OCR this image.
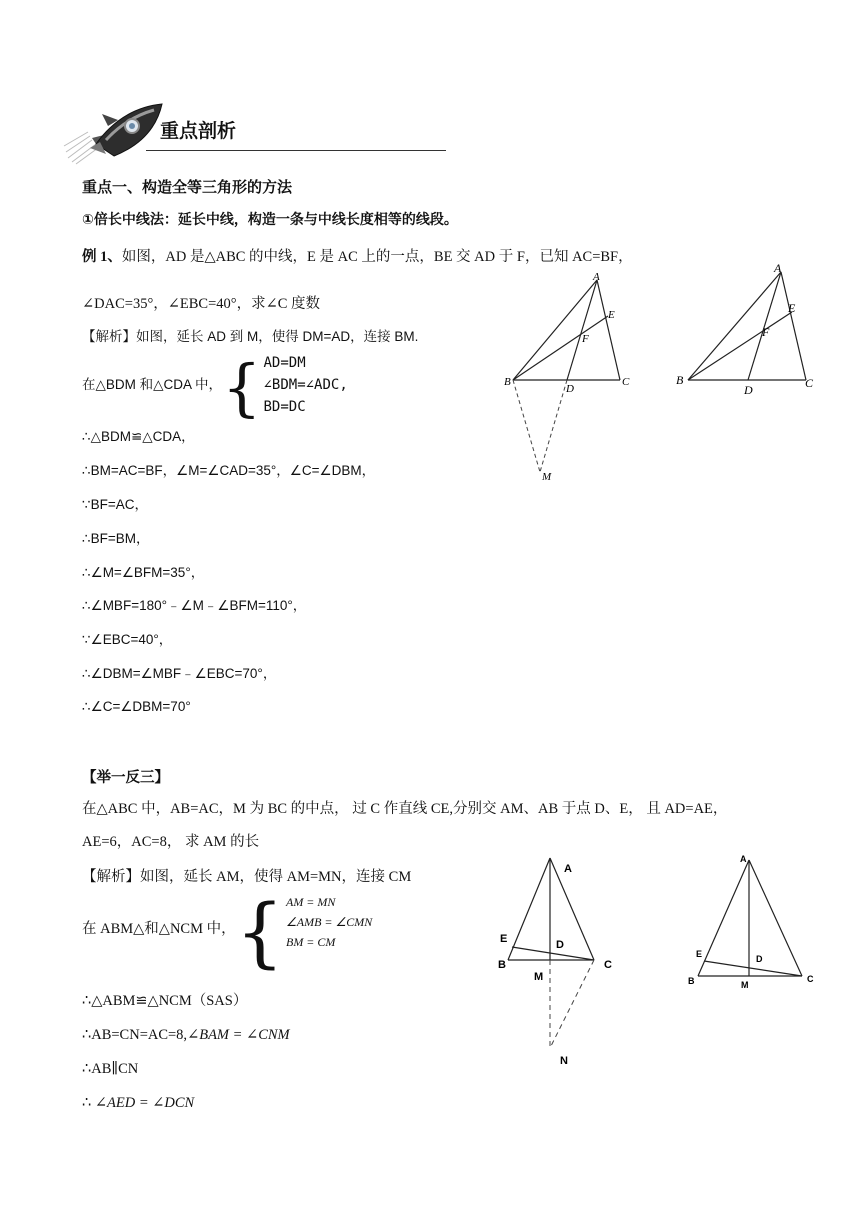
重点剖析
重点一、构造全等三角形的方法
①倍长中线法：延长中线，构造一条与中线长度相等的线段。
例 1、如图，AD 是△ABC 的中线，E 是 AC 上的一点，BE 交 AD 于 F，已知 AC=BF，
∠DAC=35°，∠EBC=40°，求∠C 度数
【解析】如图，延长 AD 到 M，使得 DM=AD，连接 BM.
在△BDM 和△CDA 中， { AD=DM
∠BDM=∠ADC,
BD=DC
∴△BDM≌△CDA，
∴BM=AC=BF，∠M=∠CAD=35°，∠C=∠DBM，
∵BF=AC，
∴BF=BM，
∴∠M=∠BFM=35°，
∴∠MBF=180°﹣∠M﹣∠BFM=110°，
∵∠EBC=40°，
∴∠DBM=∠MBF﹣∠EBC=70°，
∴∠C=∠DBM=70°
A
E
F
B
D
C
M
A
E
F
B
D	C
【举一反三】
在△ABC 中，AB=AC，M 为 BC 的中点， 过 C 作直线 CE,分别交 AM、AB 于点 D、E， 且 AD=AE，
AE=6，AC=8， 求 AM 的长
【解析】如图，延长 AM，使得 AM=MN，连接 CM
在 ABM△和△NCM 中， { AM = MN
∠AMB = ∠CMN
BM = CM
∴△ABM≌△NCM（SAS）
∴AB=CN=AC=8,∠BAM = ∠CNM
∴AB∥CN
∴ ∠AED = ∠DCN
A
E	D
B
M
C
N
A
E	D
B	M
C
